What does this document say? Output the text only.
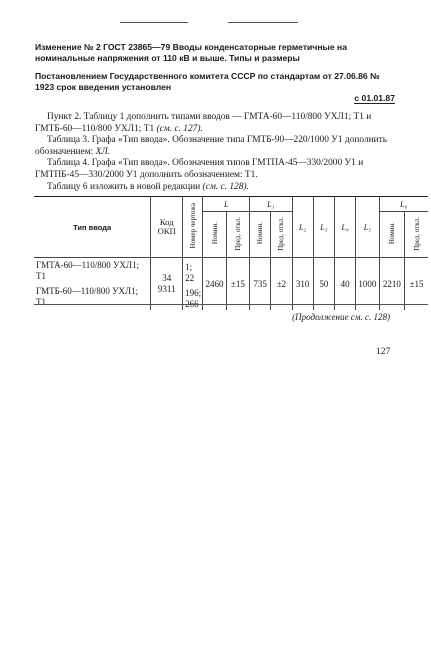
Изменение № 2 ГОСТ 23865—79 Вводы конденсаторные герметичные на номинальные напряжения от 110 кВ и выше. Типы и размеры

Постановлением Государственного комитета СССР по стандартам от 27.06.86 № 1923 срок введения установлен

с 01.01.87

Пункт 2. Таблицу 1 дополнить типами вводов — ГМТА-60—110/800 УХЛ1; Т1 и ГМТБ-60—110/800 УХЛ1; Т1 (см. с. 127).

Таблица 3. Графа «Тип ввода». Обозначение типа ГМТБ-90—220/1000 У1 дополнить обозначением: ХЛ.

Таблица 4. Графа «Тип ввода». Обозначения типов ГМТПА-45—330/2000 У1 и ГМТПБ-45—330/2000 У1 дополнить обозначением: Т1.

Таблицу 6 изложить в новой редакции (см. с. 128).

Тип ввода	Код ОКП	Номер чертежа	L		L₁		L₂	L₃	L₄	L₅	L₆	
			Номин.	Пред. откл.	Номин.	Пред. откл.					Номин.	Пред. откл.
ГМТА-60—110/800 УХЛ1; Т1	34 9311	1; 22	2460	±15	735	±2	310	50	40	1000	2210	±15
ГМТБ-60—110/800 УХЛ1; Т1		196; 266										
(Продолжение см. с. 128)
127
